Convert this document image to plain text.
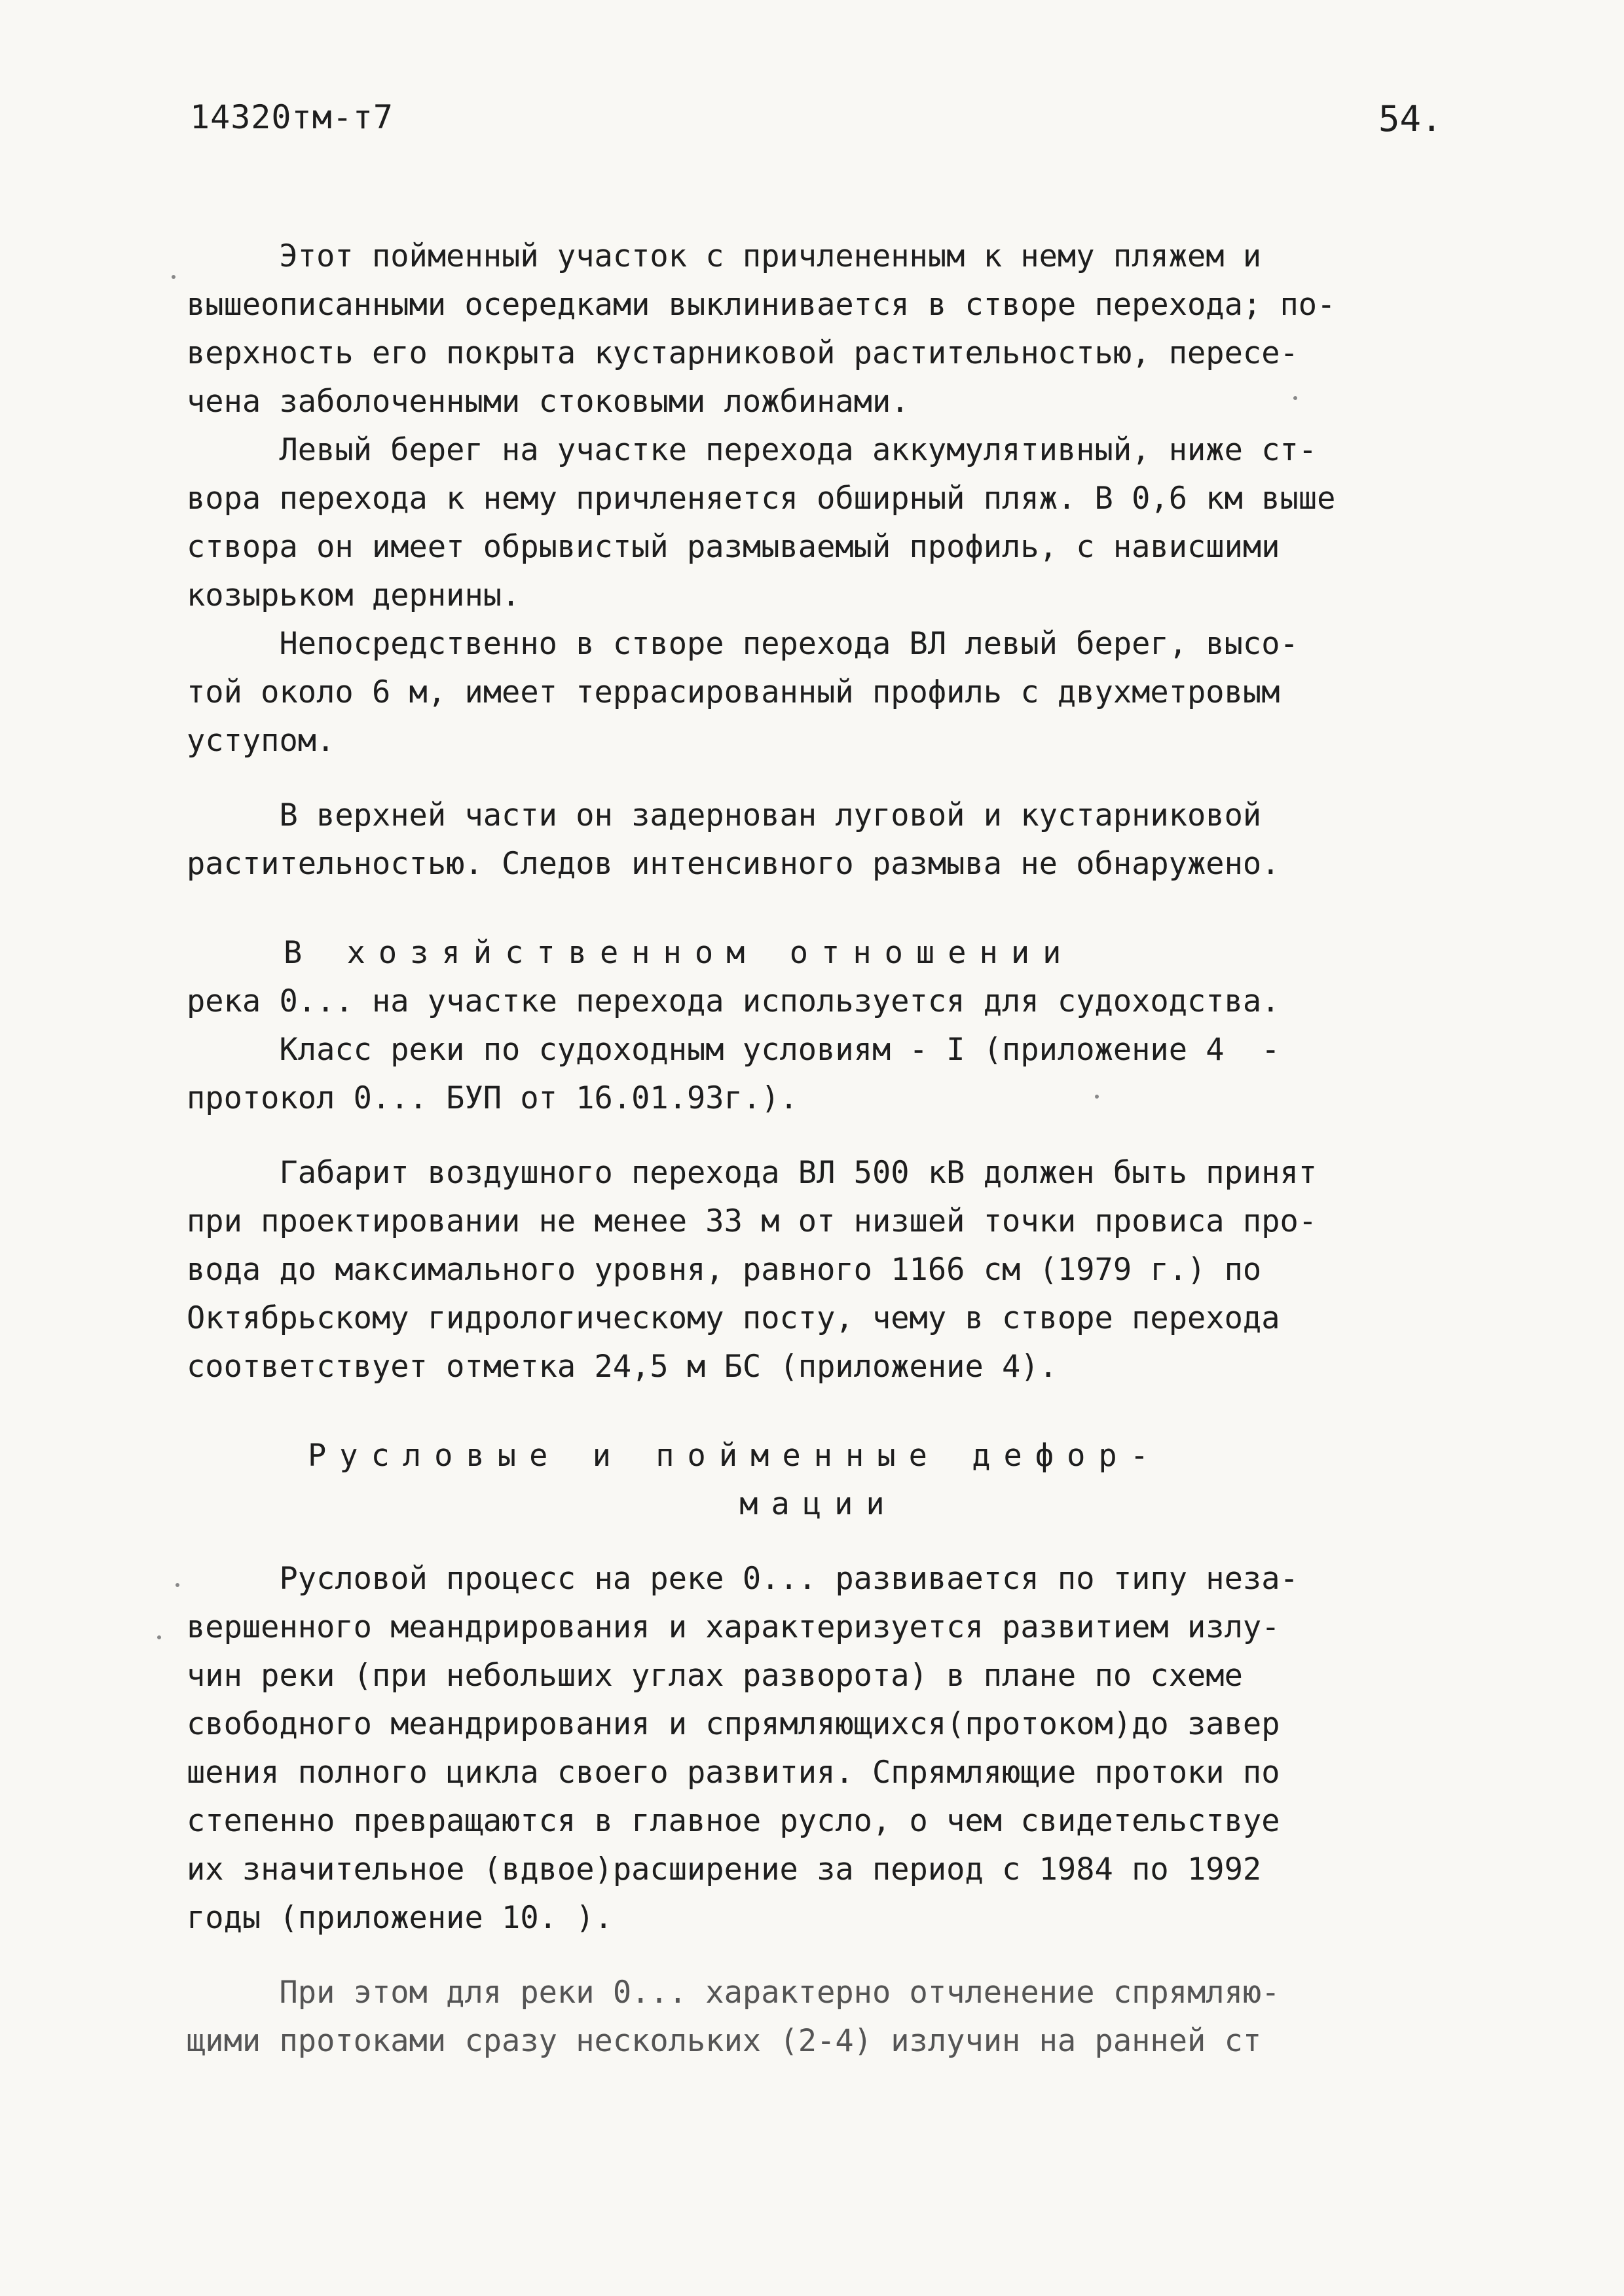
14320тм-т7	54.
Этот пойменный участок с причлененным к нему пляжем и
вышеописанными осередками выклинивается в створе перехода; по-
верхность его покрыта кустарниковой растительностью, пересе-
чена заболоченными стоковыми ложбинами.
Левый берег на участке перехода аккумулятивный, ниже ст-
вора перехода к нему причленяется обширный пляж. В 0,6 км выше
створа он имеет обрывистый размываемый профиль, с нависшими
козырьком дернины.
Непосредственно в створе перехода ВЛ левый берег, высо-
той около 6 м, имеет террасированный профиль с двухметровым
уступом.
В верхней части он задернован луговой и кустарниковой
растительностью. Следов интенсивного размыва не обнаружено.
В хозяйственном отношении
река 0... на участке перехода используется для судоходства.
Класс реки по судоходным условиям - I (приложение 4  -
протокол 0... БУП от 16.01.93г.).
Габарит воздушного перехода ВЛ 500 кВ должен быть принят
при проектировании не менее 33 м от низшей точки провиса про-
вода до максимального уровня, равного 1166 см (1979 г.) по
Октябрьскому гидрологическому посту, чему в створе перехода
соответствует отметка 24,5 м БС (приложение 4).
Русловые и пойменные дефор-
мации
Русловой процесс на реке 0... развивается по типу неза-
вершенного меандрирования и характеризуется развитием излу-
чин реки (при небольших углах разворота) в плане по схеме
свободного меандрирования и спрямляющихся(протоком)до завер
шения полного цикла своего развития. Спрямляющие протоки по
степенно превращаются в главное русло, о чем свидетельствуе
их значительное (вдвое)расширение за период с 1984 по 1992
годы (приложение 10. ).
При этом для реки 0... характерно отчленение спрямляю-
щими протоками сразу нескольких (2-4) излучин на ранней ст
